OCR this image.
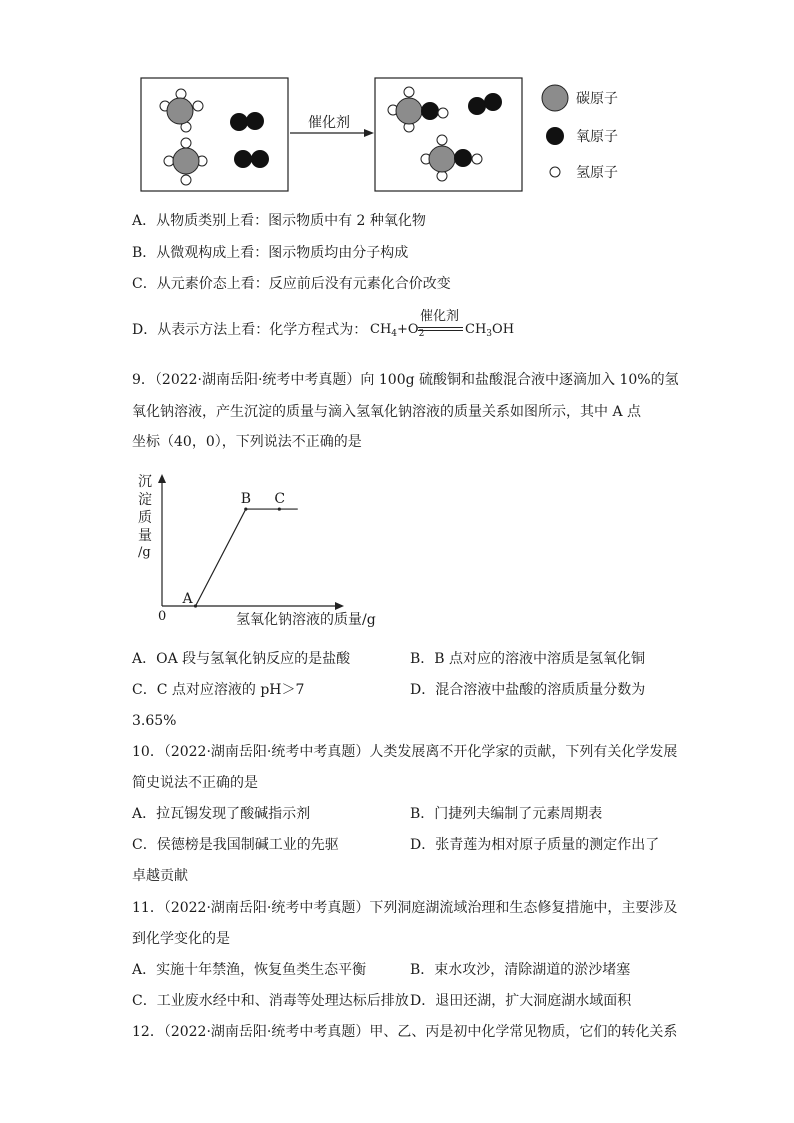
催化剂
碳原子
氧原子
氢原子
A．从物质类别上看：图示物质中有 2 种氧化物
B．从微观构成上看：图示物质均由分子构成
C．从元素价态上看：反应前后没有元素化合价改变
D．从表示方法上看：化学方程式为： $CH_4+O_2$
催化剂
$CH_3OH$
9．（2022·湖南岳阳·统考中考真题）向 100g 硫酸铜和盐酸混合液中逐滴加入 10%的氢
氧化钠溶液，产生沉淀的质量与滴入氢氧化钠溶液的质量关系如图所示，其中 A 点
坐标（40，0），下列说法不正确的是
沉
淀
质
量
/g
0	氢氧化钠溶液的质量/g
A
B C
A．OA 段与氢氧化钠反应的是盐酸	B．B 点对应的溶液中溶质是氢氧化铜
C．C 点对应溶液的 pH＞7	D．混合溶液中盐酸的溶质质量分数为
3.65%
10．（2022·湖南岳阳·统考中考真题）人类发展离不开化学家的贡献，下列有关化学发展
简史说法不正确的是
A．拉瓦锡发现了酸碱指示剂	B．门捷列夫编制了元素周期表
C．侯德榜是我国制碱工业的先驱	D．张青莲为相对原子质量的测定作出了
卓越贡献
11．（2022·湖南岳阳·统考中考真题）下列洞庭湖流域治理和生态修复措施中，主要涉及
到化学变化的是
A．实施十年禁渔，恢复鱼类生态平衡	B．束水攻沙，清除湖道的淤沙堵塞
C．工业废水经中和、消毒等处理达标后排放 D．退田还湖，扩大洞庭湖水域面积
12．（2022·湖南岳阳·统考中考真题）甲、乙、丙是初中化学常见物质，它们的转化关系
